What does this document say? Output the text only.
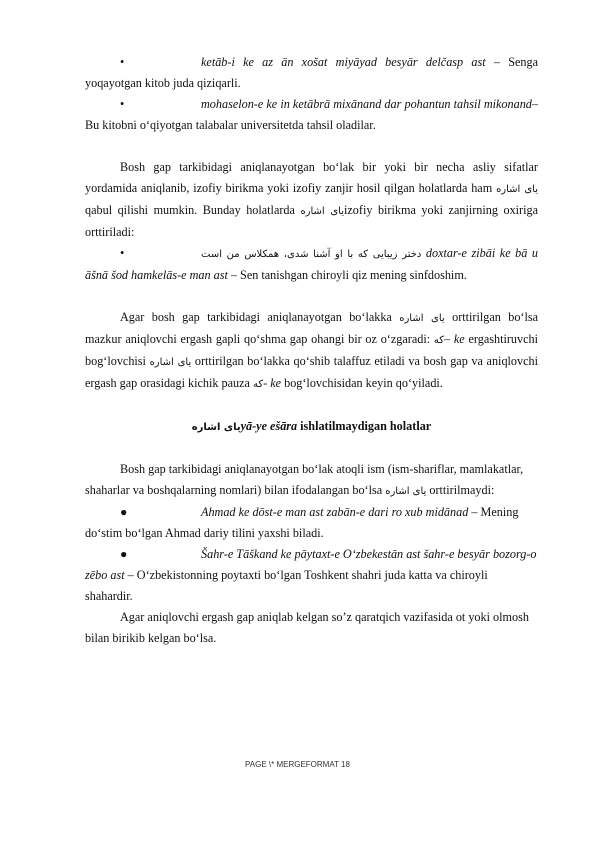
•	ketāb-i ke az ān xošat miyāyad besyār delčasp ast – Senga yoqayotgan kitob juda qiziqarli.

•	mohaselon-e ke in ketābrā mixānand dar pohantun tahsil mikonand– Bu kitobni o‘qiyotgan talabalar universitetda tahsil oladilar.

Bosh gap tarkibidagi aniqlanayotgan bo‘lak bir yoki bir necha asliy sifatlar yordamida aniqlanib, izofiy birikma yoki izofiy zanjir hosil qilgan holatlarda ham یای اشاره qabul qilishi mumkin. Bunday holatlarda یای اشارهizofiy birikma yoki zanjirning oxiriga orttiriladi:

•	دختر زیبایی که با او آشنا شدی، همکلاس من است doxtar-e zibāi ke bā u āšnā šod hamkelās-e man ast – Sen tanishgan chiroyli qiz mening sinfdoshim.

Agar bosh gap tarkibidagi aniqlanayotgan bo‘lakka یای اشاره orttirilgan bo‘lsa mazkur aniqlovchi ergash gapli qo‘shma gap ohangi bir oz o‘zgaradi: که– ke ergashtiruvchi bog‘lovchisi یای اشاره orttirilgan bo‘lakka qo‘shib talaffuz etiladi va bosh gap va aniqlovchi ergash gap orasidagi kichik pauza که- ke bog‘lovchisidan keyin qo‘yiladi.

یای اشارهyā-ye ešāra ishlatilmaydigan holatlar

Bosh gap tarkibidagi aniqlanayotgan bo‘lak atoqli ism (ism-shariflar, mamlakatlar, shaharlar va boshqalarning nomlari) bilan ifodalangan bo‘lsa یای اشاره orttirilmaydi:

●	Ahmad ke dōst-e man ast zabān-e dari ro xub midānad – Mening do‘stim bo‘lgan Ahmad dariy tilini yaxshi biladi.

●	Šahr-e Tāškand ke pāytaxt-e O‘zbekestān ast šahr-e besyār bozorg-o zēbo ast – O‘zbekistonning poytaxti bo‘lgan Toshkent shahri juda katta va chiroyli shahardir.

Agar aniqlovchi ergash gap aniqlab kelgan so’z qaratqich vazifasida ot yoki olmosh bilan birikib kelgan bo‘lsa.

PAGE \* MERGEFORMAT 18
